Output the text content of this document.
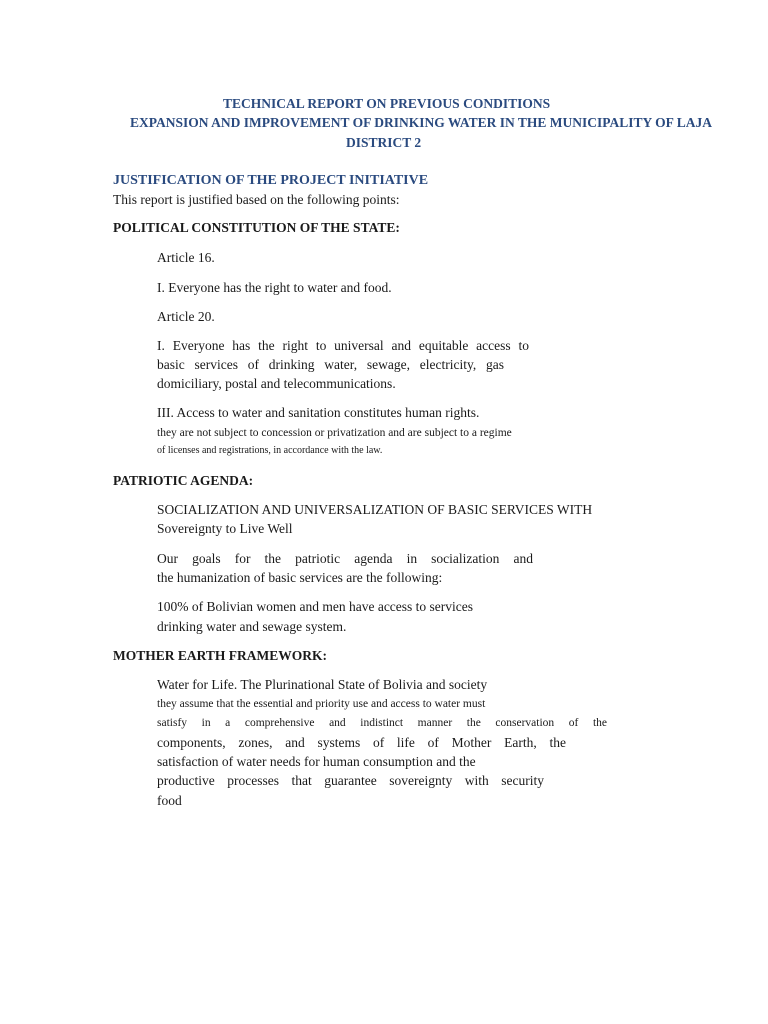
TECHNICAL REPORT ON PREVIOUS CONDITIONS
EXPANSION AND IMPROVEMENT OF DRINKING WATER IN THE MUNICIPALITY OF LAJA
DISTRICT 2
JUSTIFICATION OF THE PROJECT INITIATIVE
This report is justified based on the following points:
POLITICAL CONSTITUTION OF THE STATE:
Article 16.
I. Everyone has the right to water and food.
Article 20.
I. Everyone has the right to universal and equitable access to
basic services of drinking water, sewage, electricity, gas
domiciliary, postal and telecommunications.
III. Access to water and sanitation constitutes human rights.
they are not subject to concession or privatization and are subject to a regime
of licenses and registrations, in accordance with the law.
PATRIOTIC AGENDA:
SOCIALIZATION AND UNIVERSALIZATION OF BASIC SERVICES WITH
Sovereignty to Live Well
Our goals for the patriotic agenda in socialization and
the humanization of basic services are the following:
100% of Bolivian women and men have access to services
drinking water and sewage system.
MOTHER EARTH FRAMEWORK:
Water for Life. The Plurinational State of Bolivia and society
they assume that the essential and priority use and access to water must
satisfy in a comprehensive and indistinct manner the conservation of the
components, zones, and systems of life of Mother Earth, the
satisfaction of water needs for human consumption and the
productive processes that guarantee sovereignty with security
food
